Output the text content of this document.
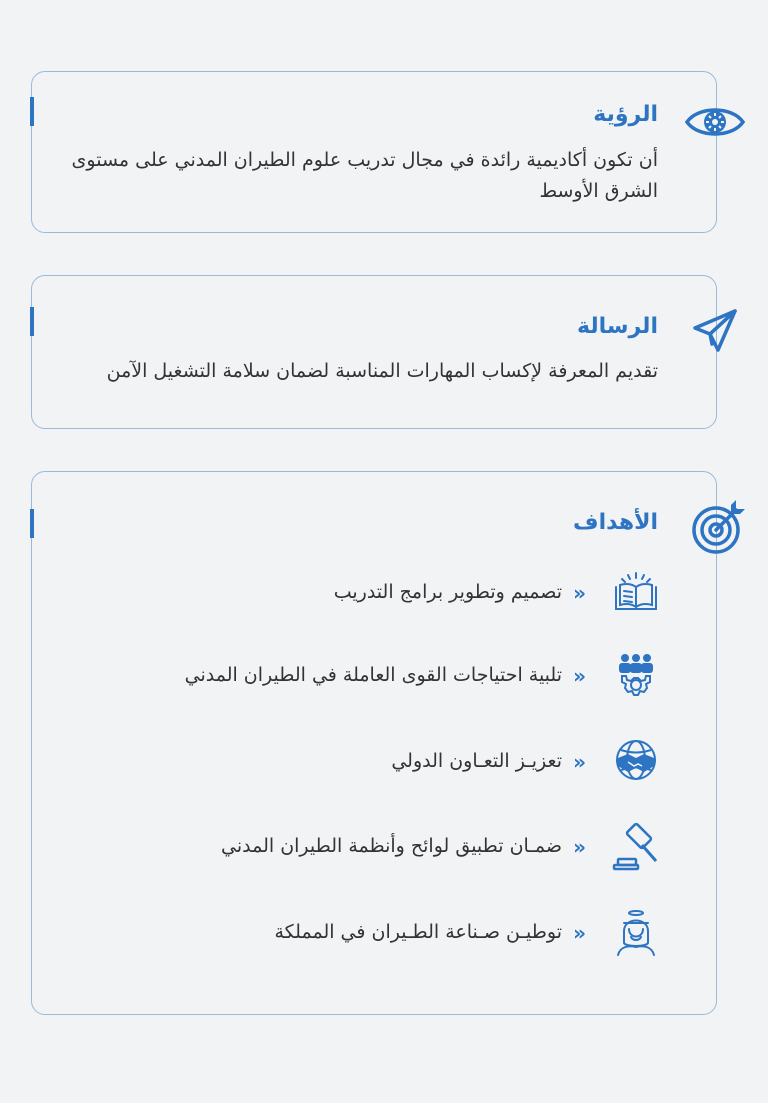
الرؤية

أن تكون أكاديمية رائدة في مجال تدريب علوم الطيران المدني على مستوى الشرق الأوسط

الرسالة

تقديم المعرفة لإكساب المهارات المناسبة لضمان سلامة التشغيل الآمن

الأهداف
«
تصميم وتطوير برامج التدريب
«
تلبية احتياجات القوى العاملة في الطيران المدني
«
تعزيـز التعـاون الدولي
«
ضمـان تطبيق لوائح وأنظمة الطيران المدني
«
توطيـن صـناعة الطـيران في المملكة
